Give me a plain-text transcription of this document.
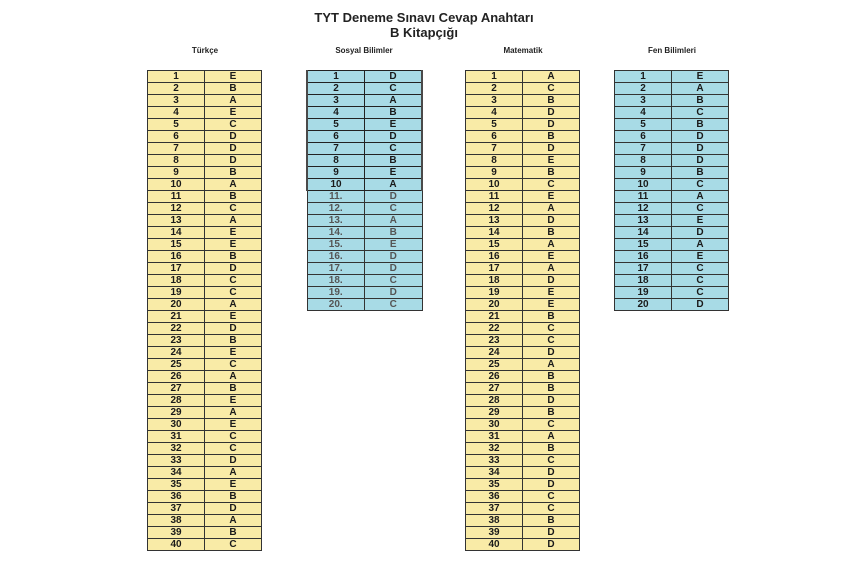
TYT Deneme Sınavı Cevap Anahtarı
B Kitapçığı
Türkçe	Sosyal Bilimler	Matematik	Fen Bilimleri
1	E
2	B
3	A
4	E
5	C
6	D
7	D
8	D
9	B
10	A
11	B
12	C
13	A
14	E
15	E
16	B
17	D
18	C
19	C
20	A
21	E
22	D
23	B
24	E
25	C
26	A
27	B
28	E
29	A
30	E
31	C
32	C
33	D
34	A
35	E
36	B
37	D
38	A
39	B
40	C
1	D
2	C
3	A
4	B
5	E
6	D
7	C
8	B
9	E
10	A
11.	D
12.	C
13.	A
14.	B
15.	E
16.	D
17.	D
18.	C
19.	D
20.	C
1	A
2	C
3	B
4	D
5	D
6	B
7	D
8	E
9	B
10	C
11	E
12	A
13	D
14	B
15	A
16	E
17	A
18	D
19	E
20	E
21	B
22	C
23	C
24	D
25	A
26	B
27	B
28	D
29	B
30	C
31	A
32	B
33	C
34	D
35	D
36	C
37	C
38	B
39	D
40	D
1	E
2	A
3	B
4	C
5	B
6	D
7	D
8	D
9	B
10	C
11	A
12	C
13	E
14	D
15	A
16	E
17	C
18	C
19	C
20	D
